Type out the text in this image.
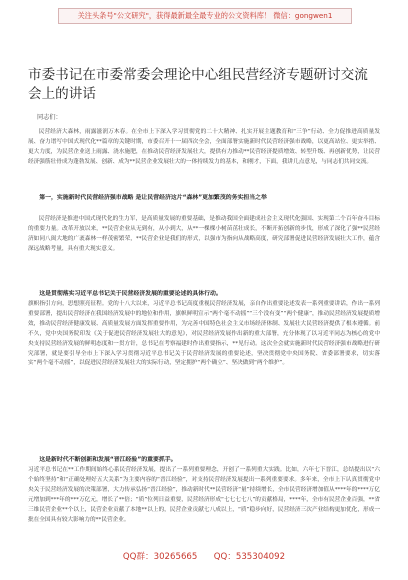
关注头条号"公文研究"，获得最新最全最专业的公文资料库！ 微信：gongwen1
市委书记在市委常委会理论中心组民营经济专题研讨交流会上的讲话
同志们：

民营经济大森林，雨露滋润万木春。在全市上下深入学习贯彻党的二十大精神、扎实开展主题教育和“三争”行动、全力促推进高质量发展、奋力谱写中国式现代化**篇章的关键时期，市委召开十一届四次全会，全面部署实施新时代民营经济强市战略，以更高站位、更实举措、更大力度，为民营企业送上雨露、浇水施肥，在推动民营经济发展壮大，提供有力推动**民营经济提质增效、转型升级、再创新优势，让民营经济强筋壮骨成为蓬勃发展、创新、成为**民营企业发展壮大的一体持续发力的基本，和刚才，下面，我讲几点意见，与同志们共同交流。

第一，实施新时代民营经济强市战略 是让民营经济这片“森林”更加繁茂的务实担当之举

民营经济是推进中国式现代化的生力军，是高质量发展的重要基础，是推动我国全面建成社会主义现代化强国、实现第二个百年奋斗目标的重要力量。改革开放以来，**民营企业从无到有，从小到大，从**一棵棵小树苗茁壮成长，不断开拓创新的步伐，形成了深化了强**民营经济如同八闽大地的广袤森林一样茂密繁荣，**民营企业是我们的形式，以强市为指向从战略高度，研究部署促进民营经济发展壮大工作，蕴含深远战略考量，具有重大现实意义。

这是贯彻落实习近平总书记关于民营经济发展的重要论述的具体行动。

旗帜指引方向，思想照亮征程。党的十八大以来，习近平总书记高度重视民营经济发展，亲自作出重要论述发表一系列重要讲话，作出一系列重要部署，提出民营经济在我国经济发展中的地位和作用，旗帜鲜明宣示“两个毫不动摇”“三个没有变”“两个健康”，推动民营经济发展提质增效，推动民营经济健康发展、高质量发展方面发挥重要作用，为完善中国特色社会主义市场经济体制、发展壮大民营经济提供了根本遵循。前不久，党中央国务院印发《关于促进民营经济发展壮大的意见》，对民营经济发展作出新的重大部署，充分体现了以习近平同志为核心的党中央支持民营经济发展的鲜明态度和一贯方针，总书记在考察福建时作出重要指示，**见行动。这次全会就实施新时代民营经济强市战略进行研究部署，就是要引导全市上下深入学习贯彻习近平总书记关于民营经济发展的重要论述，坚决贯彻党中央国务院、省委部署要求，切实落实“两个毫不动摇”，以促进民营经济发展壮大的实际行动，坚定拥护“两个确立”、坚决做到“两个维护”。

这是新时代不断创新和发展“晋江经验”的重要抓手。

习近平总书记在**工作期间始终心系民营经济发展，提出了一系列重要理念，开创了一系列重大实践。比如，六年七下晋江，总结提出以“六个始终坚持”和“正确处理好五大关系”为主要内容的“晋江经验”，对支持民营经济发展提出一系列重要要求。多年来，全市上下认真贯彻党中央关于民营经济发展的决策部署，大力传承弘扬“晋江经验”，推动新时代**民营经济“量”持续增长，全市民营经济增加值从****年的****万亿元增加到***年的***万亿元，增长了**倍；“质”位列日益重要，民营经济形成“七七七七八”的贡献格局，****年，全市有民营企业百强，**省三维民营企业**个以上，民营企业贡献了本地**以上的，民营企业贡献七八成以上，“质”稳步向好，民营经济三次产业结构更加优化，形成一批在全国具有较大影响力的**民营企业。

QQ群：30265665 QQ：535304092
